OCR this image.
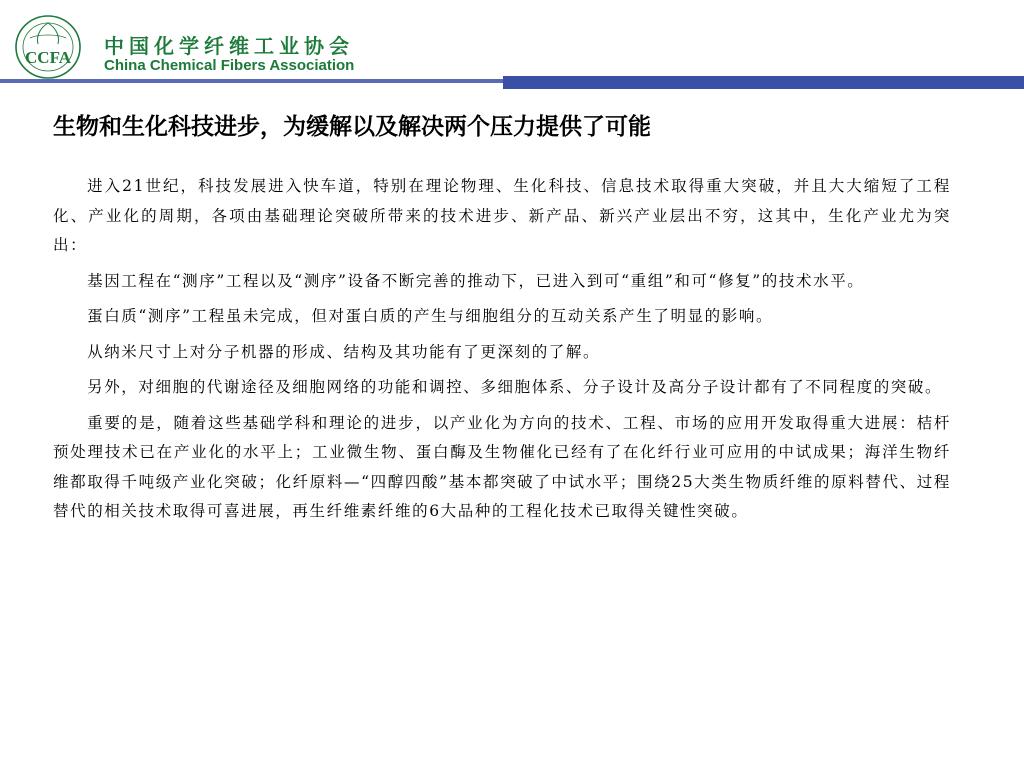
CCFA 中国化学纤维工业协会
China Chemical Fibers Association
生物和生化科技进步，为缓解以及解决两个压力提供了可能

进入21世纪，科技发展进入快车道，特别在理论物理、生化科技、信息技术取得重大突破，并且大大缩短了工程化、产业化的周期，各项由基础理论突破所带来的技术进步、新产品、新兴产业层出不穷，这其中，生化产业尤为突出：

基因工程在“测序”工程以及“测序”设备不断完善的推动下，已进入到可“重组”和可“修复”的技术水平。

蛋白质“测序”工程虽未完成，但对蛋白质的产生与细胞组分的互动关系产生了明显的影响。

从纳米尺寸上对分子机器的形成、结构及其功能有了更深刻的了解。

另外，对细胞的代谢途径及细胞网络的功能和调控、多细胞体系、分子设计及高分子设计都有了不同程度的突破。

重要的是，随着这些基础学科和理论的进步，以产业化为方向的技术、工程、市场的应用开发取得重大进展：桔杆预处理技术已在产业化的水平上；工业微生物、蛋白酶及生物催化已经有了在化纤行业可应用的中试成果；海洋生物纤维都取得千吨级产业化突破；化纤原料—“四醇四酸”基本都突破了中试水平；围绕25大类生物质纤维的原料替代、过程替代的相关技术取得可喜进展，再生纤维素纤维的6大品种的工程化技术已取得关键性突破。
